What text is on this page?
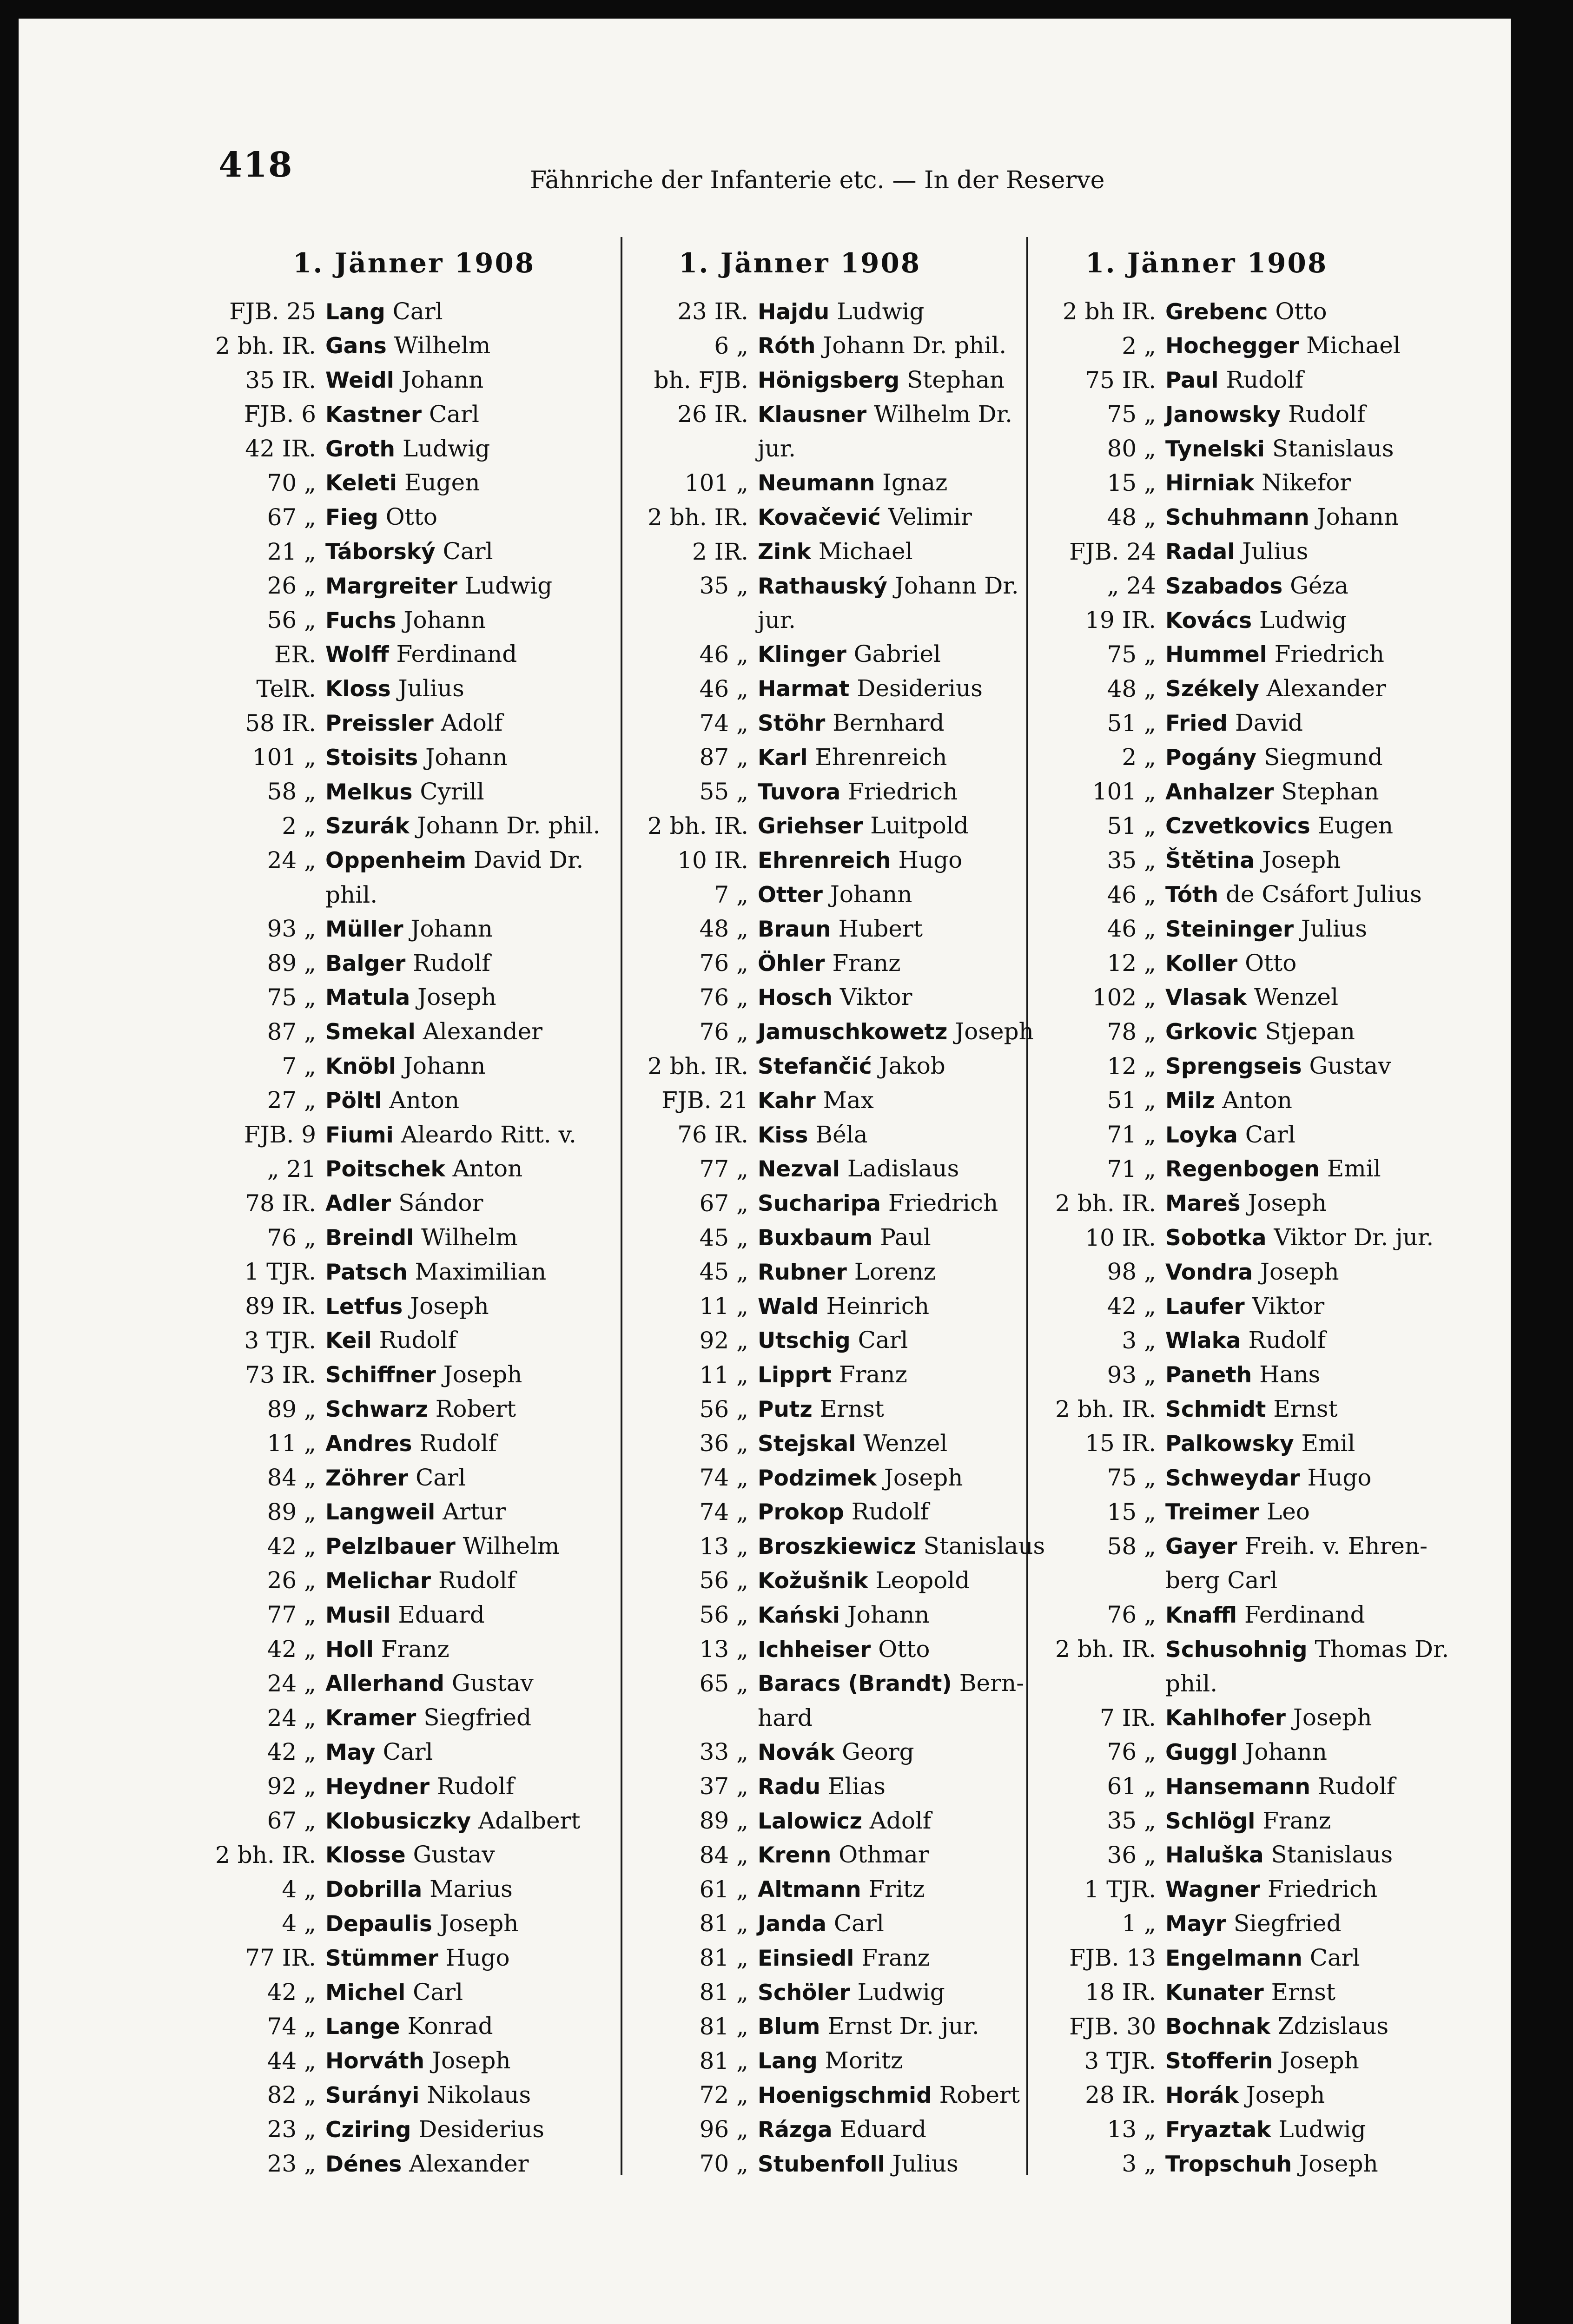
418	Fähnriche der Infanterie etc. — In der Reserve
1. Jänner 1908	1. Jänner 1908	1. Jänner 1908
FJB. 25 Lang Carl
2 bh. IR. Gans Wilhelm
35 IR. Weidl Johann
FJB. 6 Kastner Carl
42 IR. Groth Ludwig
70 „ Keleti Eugen
67 „ Fieg Otto
21 „ Táborský Carl
26 „ Margreiter Ludwig
56 „ Fuchs Johann
ER. Wolff Ferdinand
TelR. Kloss Julius
58 IR. Preissler Adolf
101 „ Stoisits Johann
58 „ Melkus Cyrill
2 „ Szurák Johann Dr. phil.
24 „ Oppenheim David Dr.
phil.
93 „ Müller Johann
89 „ Balger Rudolf
75 „ Matula Joseph
87 „ Smekal Alexander
7 „ Knöbl Johann
27 „ Pöltl Anton
FJB. 9 Fiumi Aleardo Ritt. v.
„ 21 Poitschek Anton
78 IR. Adler Sándor
76 „ Breindl Wilhelm
1 TJR. Patsch Maximilian
89 IR. Letfus Joseph
3 TJR. Keil Rudolf
73 IR. Schiffner Joseph
89 „ Schwarz Robert
11 „ Andres Rudolf
84 „ Zöhrer Carl
89 „ Langweil Artur
42 „ Pelzlbauer Wilhelm
26 „ Melichar Rudolf
77 „ Musil Eduard
42 „ Holl Franz
24 „ Allerhand Gustav
24 „ Kramer Siegfried
42 „ May Carl
92 „ Heydner Rudolf
67 „ Klobusiczky Adalbert
2 bh. IR. Klosse Gustav
4 „ Dobrilla Marius
4 „ Depaulis Joseph
77 IR. Stümmer Hugo
42 „ Michel Carl
74 „ Lange Konrad
44 „ Horváth Joseph
82 „ Surányi Nikolaus
23 „ Cziring Desiderius
23 „ Dénes Alexander
23 IR. Hajdu Ludwig
6 „ Róth Johann Dr. phil.
bh. FJB. Hönigsberg Stephan
26 IR. Klausner Wilhelm Dr.
jur.
101 „ Neumann Ignaz
2 bh. IR. Kovačević Velimir
2 IR. Zink Michael
35 „ Rathauský Johann Dr.
jur.
46 „ Klinger Gabriel
46 „ Harmat Desiderius
74 „ Stöhr Bernhard
87 „ Karl Ehrenreich
55 „ Tuvora Friedrich
2 bh. IR. Griehser Luitpold
10 IR. Ehrenreich Hugo
7 „ Otter Johann
48 „ Braun Hubert
76 „ Öhler Franz
76 „ Hosch Viktor
76 „ Jamuschkowetz Joseph
2 bh. IR. Stefančić Jakob
FJB. 21 Kahr Max
76 IR. Kiss Béla
77 „ Nezval Ladislaus
67 „ Sucharipa Friedrich
45 „ Buxbaum Paul
45 „ Rubner Lorenz
11 „ Wald Heinrich
92 „ Utschig Carl
11 „ Lipprt Franz
56 „ Putz Ernst
36 „ Stejskal Wenzel
74 „ Podzimek Joseph
74 „ Prokop Rudolf
13 „ Broszkiewicz Stanislaus
56 „ Kožušnik Leopold
56 „ Kański Johann
13 „ Ichheiser Otto
65 „ Baracs (Brandt) Bern-
hard
33 „ Novák Georg
37 „ Radu Elias
89 „ Lalowicz Adolf
84 „ Krenn Othmar
61 „ Altmann Fritz
81 „ Janda Carl
81 „ Einsiedl Franz
81 „ Schöler Ludwig
81 „ Blum Ernst Dr. jur.
81 „ Lang Moritz
72 „ Hoenigschmid Robert
96 „ Rázga Eduard
70 „ Stubenfoll Julius
2 bh IR. Grebenc Otto
2 „ Hochegger Michael
75 IR. Paul Rudolf
75 „ Janowsky Rudolf
80 „ Tynelski Stanislaus
15 „ Hirniak Nikefor
48 „ Schuhmann Johann
FJB. 24 Radal Julius
„ 24 Szabados Géza
19 IR. Kovács Ludwig
75 „ Hummel Friedrich
48 „ Székely Alexander
51 „ Fried David
2 „ Pogány Siegmund
101 „ Anhalzer Stephan
51 „ Czvetkovics Eugen
35 „ Štětina Joseph
46 „ Tóth de Csáfort Julius
46 „ Steininger Julius
12 „ Koller Otto
102 „ Vlasak Wenzel
78 „ Grkovic Stjepan
12 „ Sprengseis Gustav
51 „ Milz Anton
71 „ Loyka Carl
71 „ Regenbogen Emil
2 bh. IR. Mareš Joseph
10 IR. Sobotka Viktor Dr. jur.
98 „ Vondra Joseph
42 „ Laufer Viktor
3 „ Wlaka Rudolf
93 „ Paneth Hans
2 bh. IR. Schmidt Ernst
15 IR. Palkowsky Emil
75 „ Schweydar Hugo
15 „ Treimer Leo
58 „ Gayer Freih. v. Ehren-
berg Carl
76 „ Knaffl Ferdinand
2 bh. IR. Schusohnig Thomas Dr.
phil.
7 IR. Kahlhofer Joseph
76 „ Guggl Johann
61 „ Hansemann Rudolf
35 „ Schlögl Franz
36 „ Haluška Stanislaus
1 TJR. Wagner Friedrich
1 „ Mayr Siegfried
FJB. 13 Engelmann Carl
18 IR. Kunater Ernst
FJB. 30 Bochnak Zdzislaus
3 TJR. Stofferin Joseph
28 IR. Horák Joseph
13 „ Fryaztak Ludwig
3 „ Tropschuh Joseph
